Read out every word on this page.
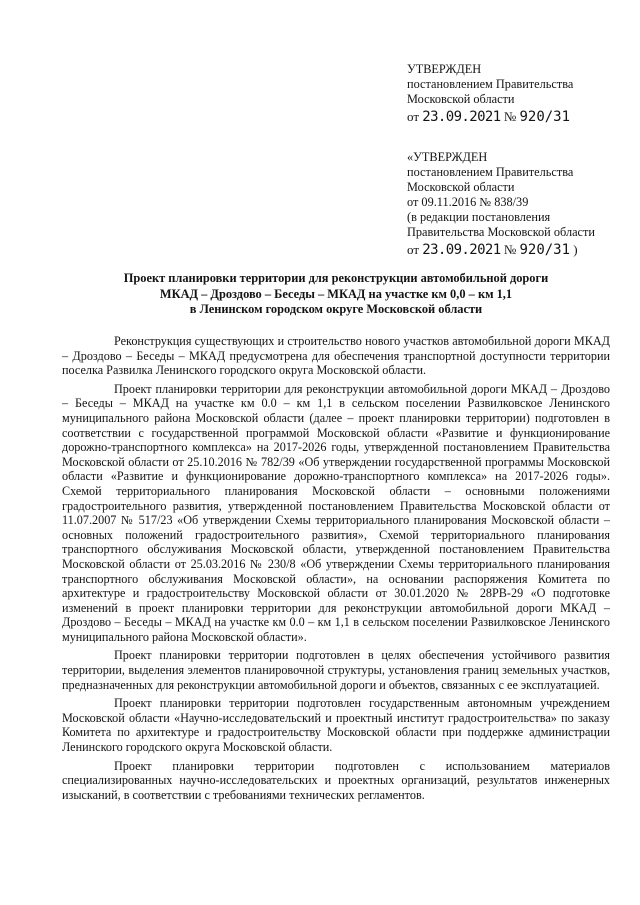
УТВЕРЖДЕН
постановлением Правительства
Московской области
от 23.09.2021 № 920/31
«УТВЕРЖДЕН
постановлением Правительства
Московской области
от 09.11.2016 № 838/39
(в редакции постановления
Правительства Московской области
от 23.09.2021 № 920/31 )
Проект планировки территории для реконструкции автомобильной дороги
МКАД – Дроздово – Беседы – МКАД на участке км 0,0 – км 1,1
в Ленинском городском округе Московской области

Реконструкция существующих и строительство нового участков автомобильной дороги МКАД – Дроздово – Беседы – МКАД предусмотрена для обеспечения транспортной доступности территории поселка Развилка Ленинского городского округа Московской области.

Проект планировки территории для реконструкции автомобильной дороги МКАД – Дроздово – Беседы – МКАД на участке км 0.0 – км 1,1 в сельском поселении Развилковское Ленинского муниципального района Московской области (далее – проект планировки территории) подготовлен в соответствии с государственной программой Московской области «Развитие и функционирование дорожно-транспортного комплекса» на 2017-2026 годы, утвержденной постановлением Правительства Московской области от 25.10.2016 № 782/39 «Об утверждении государственной программы Московской области «Развитие и функционирование дорожно-транспортного комплекса» на 2017-2026 годы». Схемой территориального планирования Московской области – основными положениями градостроительного развития, утвержденной постановлением Правительства Московской области от 11.07.2007 № 517/23 «Об утверждении Схемы территориального планирования Московской области – основных положений градостроительного развития», Схемой территориального планирования транспортного обслуживания Московской области, утвержденной постановлением Правительства Московской области от 25.03.2016 № 230/8 «Об утверждении Схемы территориального планирования транспортного обслуживания Московской области», на основании распоряжения Комитета по архитектуре и градостроительству Московской области от 30.01.2020 № 28РВ-29 «О подготовке изменений в проект планировки территории для реконструкции автомобильной дороги МКАД – Дроздово – Беседы – МКАД на участке км 0.0 – км 1,1 в сельском поселении Развилковское Ленинского муниципального района Московской области».

Проект планировки территории подготовлен в целях обеспечения устойчивого развития территории, выделения элементов планировочной структуры, установления границ земельных участков, предназначенных для реконструкции автомобильной дороги и объектов, связанных с ее эксплуатацией.

Проект планировки территории подготовлен государственным автономным учреждением Московской области «Научно-исследовательский и проектный институт градостроительства» по заказу Комитета по архитектуре и градостроительству Московской области при поддержке администрации Ленинского городского округа Московской области.

Проект планировки территории подготовлен с использованием материалов специализированных научно-исследовательских и проектных организаций, результатов инженерных изысканий, в соответствии с требованиями технических регламентов.
